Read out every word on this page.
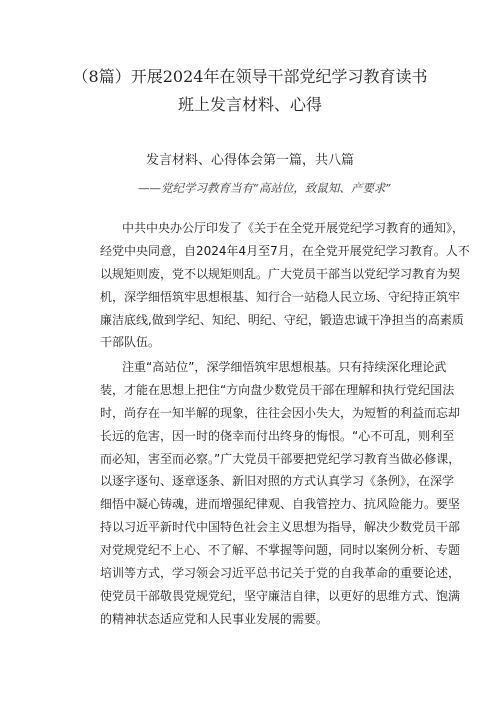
（8篇）开展2024年在领导干部党纪学习教育读书
班上发言材料、心得
发言材料、心得体会第一篇，共八篇
——党纪学习教育当有“高站位，致鼠知、产要求”
中共中央办公厅印发了《关于在全党开展党纪学习教育的通知》，
经党中央同意，自2024年4月至7月，在全党开展党纪学习教育。人不
以规矩则废，党不以规矩则乱。广大党员干部当以党纪学习教育为契
机，深学细悟筑牢思想根基、知行合一站稳人民立场、守纪持正筑牢
廉洁底线,做到学纪、知纪、明纪、守纪，锻造忠诚干净担当的高素质
干部队伍。
注重“高站位”，深学细悟筑牢思想根基。只有持续深化理论武
装，才能在思想上把住“方向盘少数党员干部在理解和执行党纪国法
时，尚存在一知半解的现象，往往会因小失大，为短暂的利益而忘却
长远的危害，因一时的侥幸而付出终身的悔恨。“心不可乱，则利至
而必知，害至而必察。”广大党员干部要把党纪学习教育当做必修课，
以逐字逐句、逐章逐条、新旧对照的方式认真学习《条例》，在深学
细悟中凝心铸魂，进而增强纪律观、自我管控力、抗风险能力。要坚
持以习近平新时代中国特色社会主义思想为指导，解决少数党员干部
对党规党纪不上心、不了解、不掌握等问题，同时以案例分析、专题
培训等方式，学习领会习近平总书记关于党的自我革命的重要论述，
使党员干部敬畏党规党纪，坚守廉洁自律，以更好的思维方式、饱满
的精神状态适应党和人民事业发展的需要。
